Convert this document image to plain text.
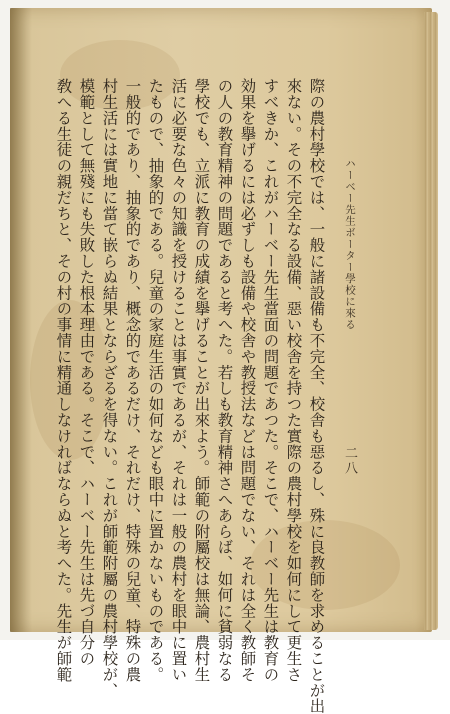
ハーベー先生ボーター學校に來る
二八
際の農村學校では、一般に諸設備も不完全、校舎も惡るし、殊に良教師を求めることが出
來ない。その不完全なる設備、惡い校舎を持つた實際の農村學校を如何にして更生さ
すべきか、これがハーベー先生當面の問題であつた。そこで、ハーベー先生は教育の
効果を擧げるには必ずしも設備や校舎や教授法などは問題でない、それは全く教師そ
の人の教育精神の問題であると考へた。若しも教育精神さへあらば、如何に貧弱なる
學校でも、立派に教育の成績を擧げることが出來よう。師範の附屬校は無論、農村生
活に必要な色々の知識を授けることは事實であるが、それは一般の農村を眼中に置い
たもので、抽象的である。兒童の家庭生活の如何なども眼中に置かないものである。
一般的であり、抽象的であり、概念的であるだけ、それだけ、特殊の兒童、特殊の農
村生活には實地に當て嵌らぬ結果とならざるを得ない。これが師範附屬の農村學校が、
模範として無殘にも失敗した根本理由である。そこで、ハーベー先生は先づ自分の
敎へる生徒の親だちと、その村の事情に精通しなければならぬと考へた。先生が師範
